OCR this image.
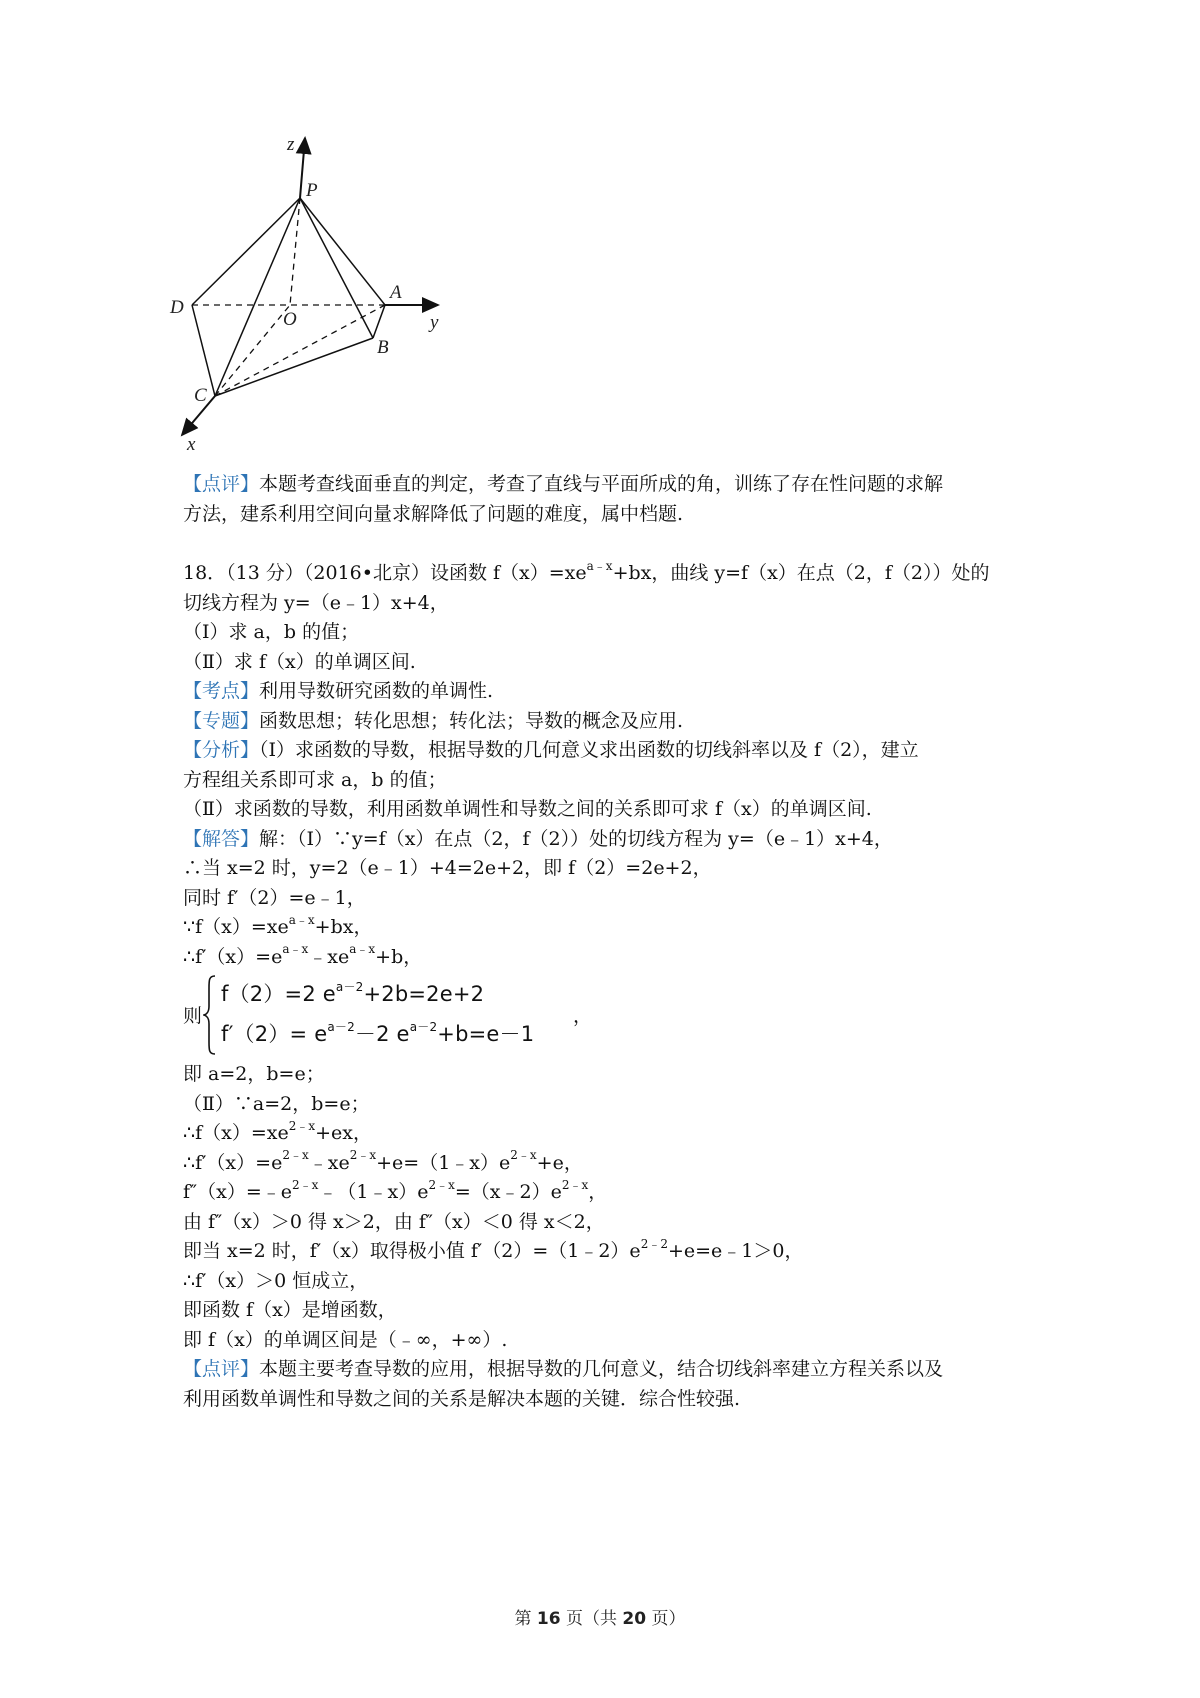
z
P
A
y
D
O
B
C
x
【点评】本题考查线面垂直的判定，考查了直线与平面所成的角，训练了存在性问题的求解
方法，建系利用空间向量求解降低了问题的难度，属中档题.
18．（13 分）（2016•北京）设函数 $f(x)=xe^{a﹣x}+bx$，曲线 y=f（x）在点（2，f（2））处的
切线方程为 y=（e﹣1）x+4，
（Ⅰ）求 a，b 的值；
（Ⅱ）求 f（x）的单调区间.
【考点】利用导数研究函数的单调性.
【专题】函数思想；转化思想；转化法；导数的概念及应用.
【分析】（Ⅰ）求函数的导数，根据导数的几何意义求出函数的切线斜率以及 f（2），建立
方程组关系即可求 a，b 的值；
（Ⅱ）求函数的导数，利用函数单调性和导数之间的关系即可求 f（x）的单调区间.
【解答】解：（Ⅰ）∵y=f（x）在点（2，f（2））处的切线方程为 y=（e﹣1）x+4，
∴当 x=2 时，y=2（e﹣1）+4=2e+2，即 f（2）=2e+2，
同时 f′（2）=e﹣1，
$\because f(x)=xe^{a﹣x}+bx$，
$\therefore f'(x)=e^{a﹣x}﹣xe^{a﹣x}+b$，
则
f（2）=2 $e^{a-2}+2b=2e+2$
$f'(2)= e^{a-2}-2$ $e^{a-2}+b=e-1$
，
即 a=2，b=e；
（Ⅱ）∵a=2，b=e；
$\therefore f(x)=xe^{2﹣x}+ex$，
$\therefore f'(x)=e^{2﹣x}﹣xe^{2﹣x}+e=(1﹣x)e^{2﹣x}+e$，
$f''(x)=﹣e^{2﹣x}﹣(1﹣x)e^{2﹣x}=(x﹣2)e^{2﹣x}$，
由 f″（x）＞0 得 x＞2，由 f″（x）＜0 得 x＜2，
即当 x=2 时，f′（x）取得极小值 $f'(2)=(1﹣2)e^{2﹣2}+e=e﹣1>0$，
∴f′（x）＞0 恒成立，
即函数 f（x）是增函数，
即 f（x）的单调区间是（﹣∞，+∞）.
【点评】本题主要考查导数的应用，根据导数的几何意义，结合切线斜率建立方程关系以及
利用函数单调性和导数之间的关系是解决本题的关键．综合性较强.
第 16 页（共 20 页）
